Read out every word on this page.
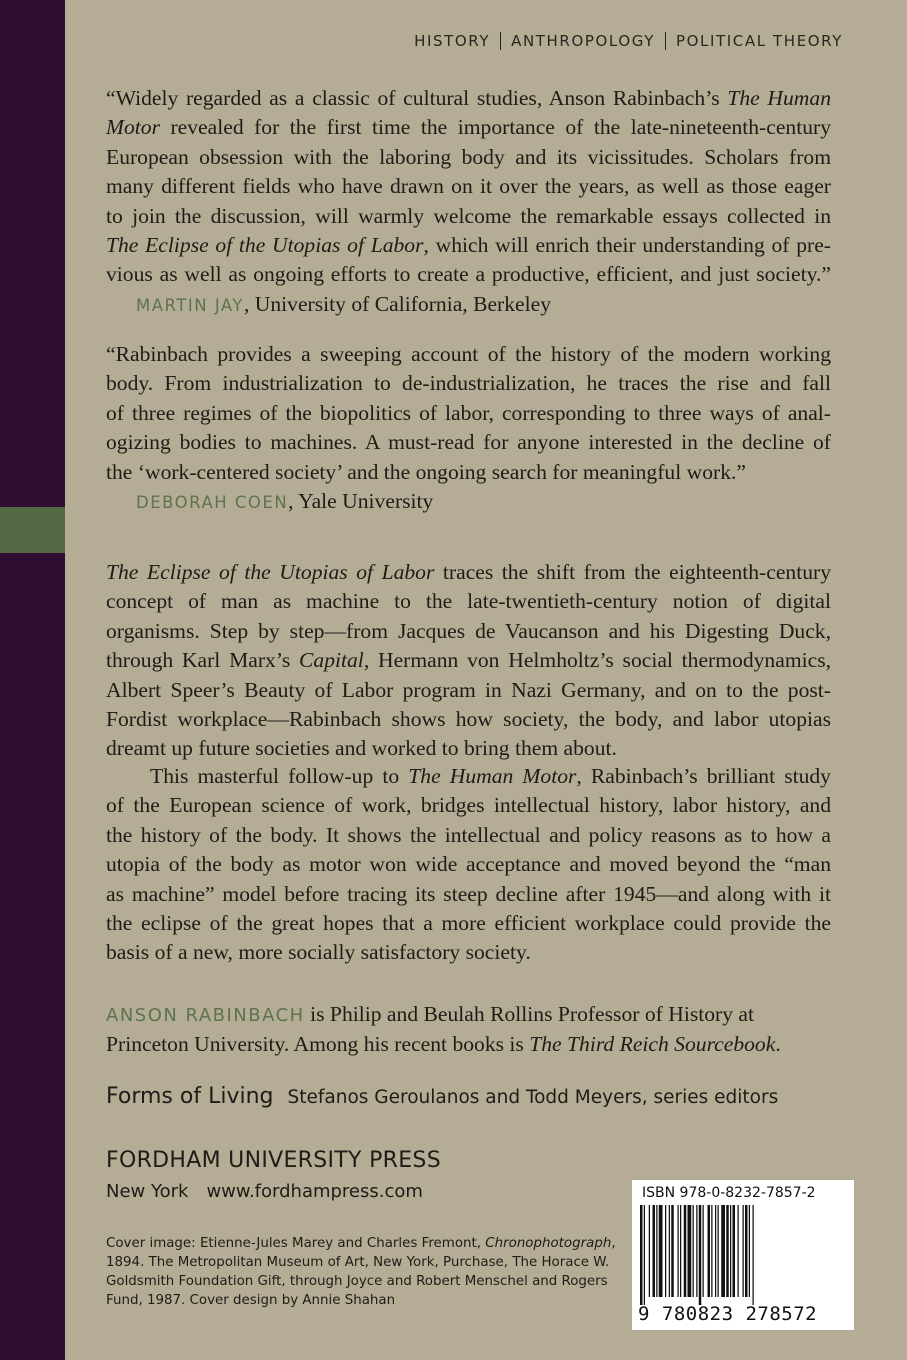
HISTORY ANTHROPOLOGY POLITICAL THEORY
“Widely regarded as a classic of cultural studies, Anson Rabinbach’s The Human
Motor revealed for the first time the importance of the late-nineteenth-century
European obsession with the laboring body and its vicissitudes. Scholars from
many different fields who have drawn on it over the years, as well as those eager
to join the discussion, will warmly welcome the remarkable essays collected in
The Eclipse of the Utopias of Labor, which will enrich their understanding of pre-
vious as well as ongoing efforts to create a productive, efficient, and just society.”
MARTIN JAY, University of California, Berkeley
“Rabinbach provides a sweeping account of the history of the modern working
body. From industrialization to de-industrialization, he traces the rise and fall
of three regimes of the biopolitics of labor, corresponding to three ways of anal-
ogizing bodies to machines. A must-read for anyone interested in the decline of
the ‘work-centered society’ and the ongoing search for meaningful work.”
DEBORAH COEN, Yale University
The Eclipse of the Utopias of Labor traces the shift from the eighteenth-century
concept of man as machine to the late-twentieth-century notion of digital
organisms. Step by step—from Jacques de Vaucanson and his Digesting Duck,
through Karl Marx’s Capital, Hermann von Helmholtz’s social thermodynamics,
Albert Speer’s Beauty of Labor program in Nazi Germany, and on to the post-
Fordist workplace—Rabinbach shows how society, the body, and labor utopias
dreamt up future societies and worked to bring them about.
This masterful follow-up to The Human Motor, Rabinbach’s brilliant study
of the European science of work, bridges intellectual history, labor history, and
the history of the body. It shows the intellectual and policy reasons as to how a
utopia of the body as motor won wide acceptance and moved beyond the “man
as machine” model before tracing its steep decline after 1945—and along with it
the eclipse of the great hopes that a more efficient workplace could provide the
basis of a new, more socially satisfactory society.
ANSON RABINBACH is Philip and Beulah Rollins Professor of History at
Princeton University. Among his recent books is The Third Reich Sourcebook.
Forms of Living Stefanos Geroulanos and Todd Meyers, series editors
FORDHAM UNIVERSITY PRESS
New York www.fordhampress.com
Cover image: Etienne-Jules Marey and Charles Fremont, Chronophotograph,
1894. The Metropolitan Museum of Art, New York, Purchase, The Horace W.
Goldsmith Foundation Gift, through Joyce and Robert Menschel and Rogers
Fund, 1987. Cover design by Annie Shahan
ISBN 978-0-8232-7857-2
9 780823 278572
